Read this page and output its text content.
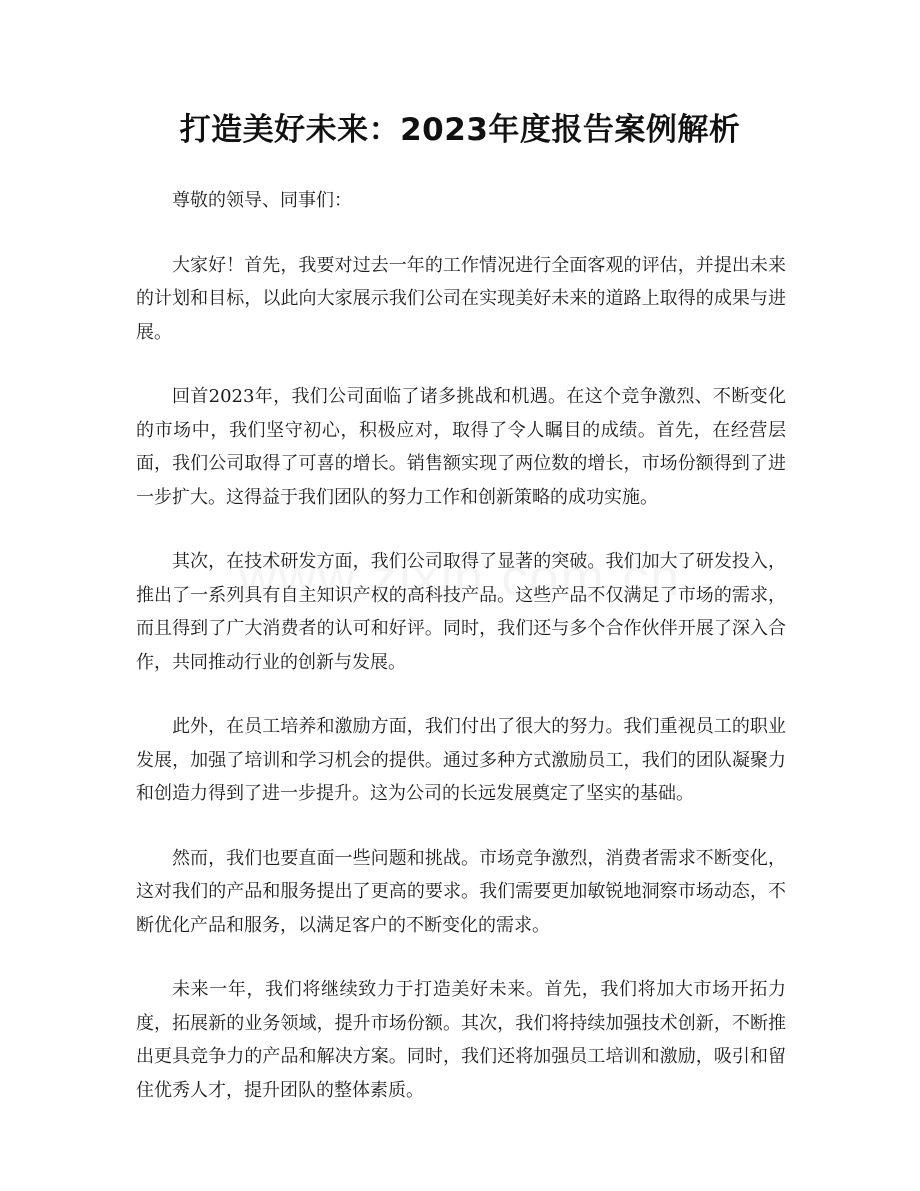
打造美好未来：2023年度报告案例解析

尊敬的领导、同事们：

大家好！首先，我要对过去一年的工作情况进行全面客观的评估，并提出未来的计划和目标，以此向大家展示我们公司在实现美好未来的道路上取得的成果与进展。

回首2023年，我们公司面临了诸多挑战和机遇。在这个竞争激烈、不断变化的市场中，我们坚守初心，积极应对，取得了令人瞩目的成绩。首先，在经营层面，我们公司取得了可喜的增长。销售额实现了两位数的增长，市场份额得到了进一步扩大。这得益于我们团队的努力工作和创新策略的成功实施。

其次，在技术研发方面，我们公司取得了显著的突破。我们加大了研发投入，推出了一系列具有自主知识产权的高科技产品。这些产品不仅满足了市场的需求，而且得到了广大消费者的认可和好评。同时，我们还与多个合作伙伴开展了深入合作，共同推动行业的创新与发展。

此外，在员工培养和激励方面，我们付出了很大的努力。我们重视员工的职业发展，加强了培训和学习机会的提供。通过多种方式激励员工，我们的团队凝聚力和创造力得到了进一步提升。这为公司的长远发展奠定了坚实的基础。

然而，我们也要直面一些问题和挑战。市场竞争激烈，消费者需求不断变化，这对我们的产品和服务提出了更高的要求。我们需要更加敏锐地洞察市场动态，不断优化产品和服务，以满足客户的不断变化的需求。

未来一年，我们将继续致力于打造美好未来。首先，我们将加大市场开拓力度，拓展新的业务领域，提升市场份额。其次，我们将持续加强技术创新，不断推出更具竞争力的产品和解决方案。同时，我们还将加强员工培训和激励，吸引和留住优秀人才，提升团队的整体素质。
